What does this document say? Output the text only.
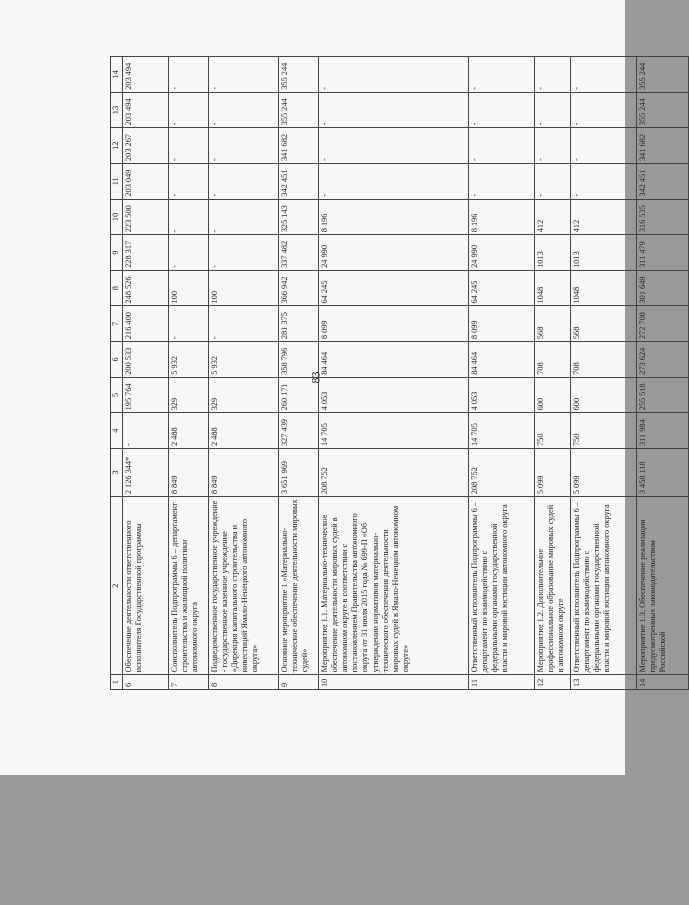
83
1	2	3	4	5	6	7	8	9	10	11	12	13	14
6	Обеспечение деятельности ответственного исполнителя Государственной программы	2 126 344*	-	195 764	200 533	216 400	248 526	228 317	223 500	203 049	203 267	203 494	203 494
7	Соисполнитель Подпрограммы 6 – департамент строительства и жилищной политики автономного округа	8 849	2 488	329	5 932	-	100	-	-	-	-	-	-
8	Подведомственное государственное учреждение - государственное казенное учреждение «Дирекция капитального строительства и инвестиций Ямало-Ненецкого автономного округа»	8 849	2 488	329	5 932	-	100	-	-	-	-	-	-
9	Основное мероприятие 1 «Материально-техническое обеспечение деятельности мировых судей»	3 651 969	327 439	260 171	358 796	281 375	366 942	337 482	325 143	342 451	341 682	355 244	355 244
10	Мероприятие 1.1. Материально-техническое обеспечение деятельности мировых судей в автономном округе в соответствии с постановлением Правительства автономного округа от 31 июля 2015 года № 699-П «Об утверждении нормативов материально-технического обеспечения деятельности мировых судей в Ямало-Ненецком автономном округе»	208 752	14 705	4 053	84 464	8 099	64 245	24 990	8 196	-	-	-	-
11	Ответственный исполнитель Подпрограммы 6 – департамент по взаимодействию с федеральными органами государственной власти и мировой юстиции автономного округа	208 752	14 705	4 053	84 464	8 099	64 245	24 990	8 196	-	-	-	-
12	Мероприятие 1.2. Дополнительное профессиональное образование мировых судей в автономном округе	5 099	750	600	708	568	1048	1013	412	-	-	-	-
13	Ответственный исполнитель Подпрограммы 6 – департамент по взаимодействию с федеральными органами государственной власти и мировой юстиции автономного округа	5 099	750	600	708	568	1048	1013	412	-	-	-	-
14	Мероприятие 1.3. Обеспечение реализации предусмотренных законодательством Российской	3 458 118	311 984	255 518	273 624	272 708	301 649	311 479	316 535	342 451	341 682	355 244	355 244
